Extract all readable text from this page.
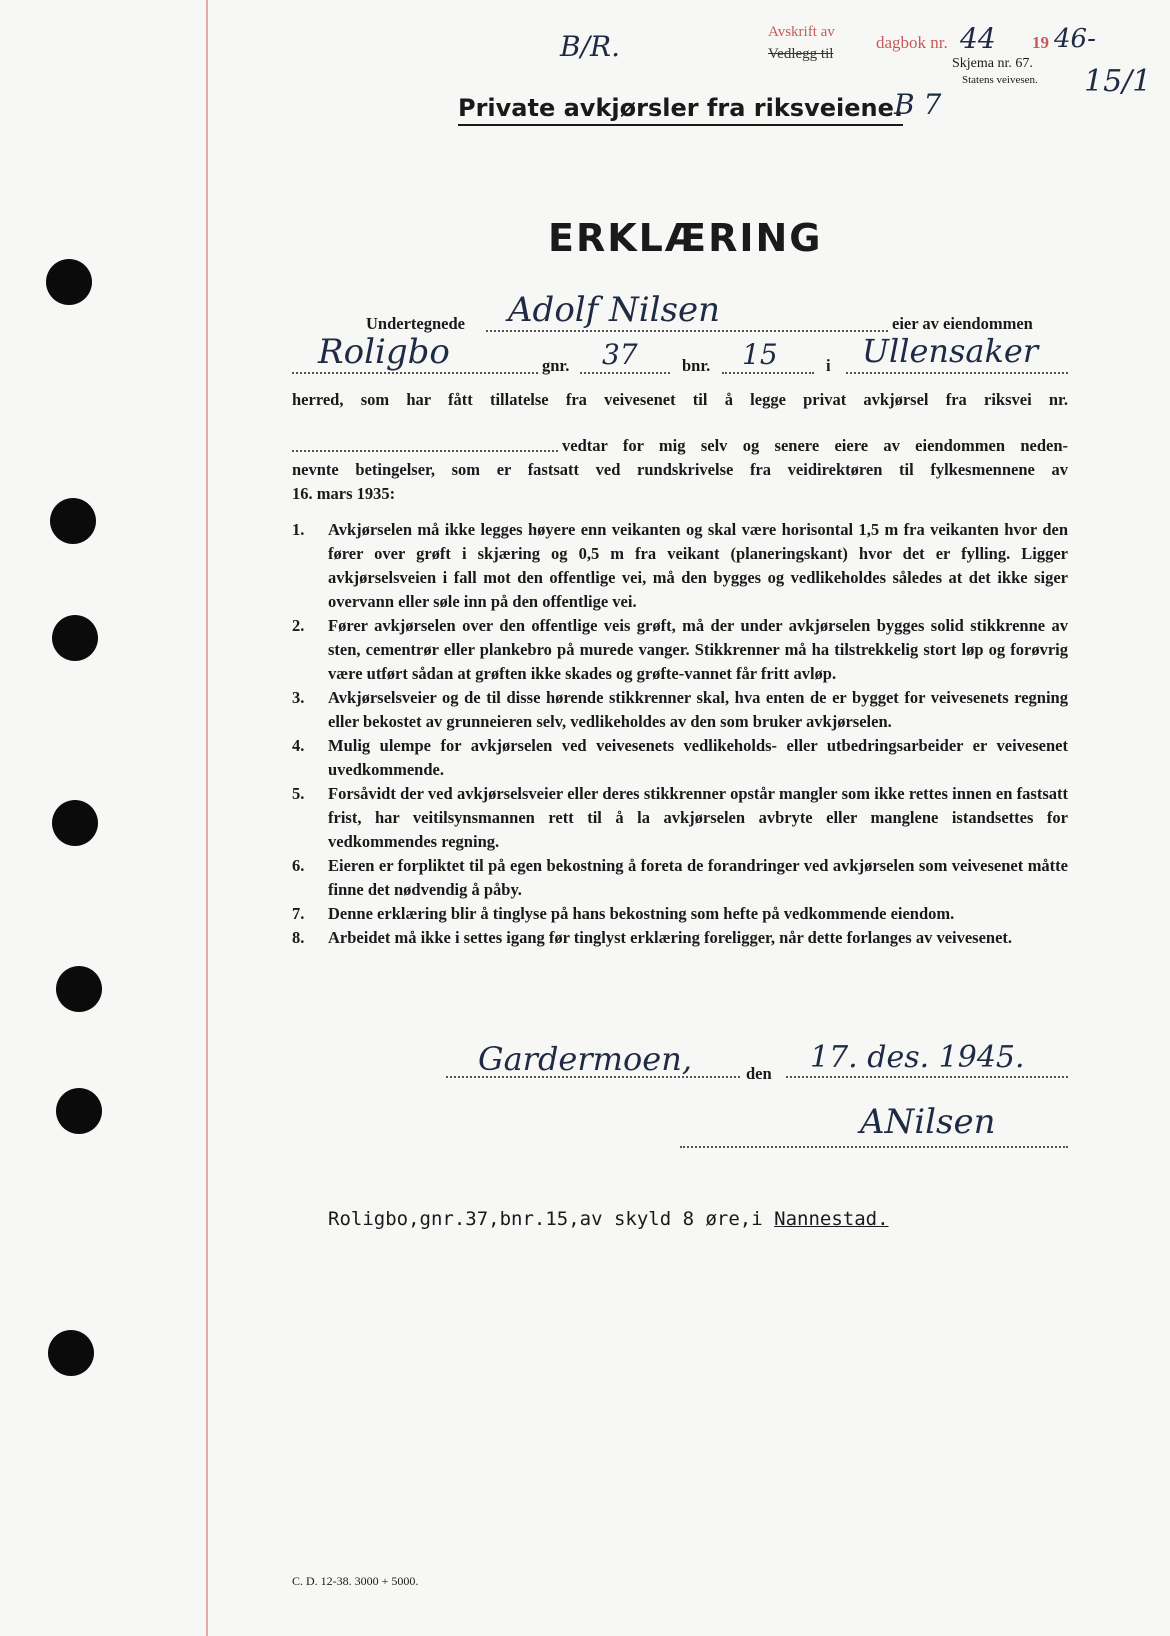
Avskrift av
Vedlegg til
dagbok nr. 44 19 46-
15/1
Skjema nr. 67.
Statens veivesen.
B/R.
Private avkjørsler fra riksveiene.
B 7
ERKLÆRING
Undertegnede Adolf Nilsen	eier av eiendommen
Roligbo	gnr. 37	bnr. 15	i Ullensaker
herred, som har fått tillatelse fra veivesenet til å legge privat avkjørsel fra riksvei nr.
vedtar for mig selv og senere eiere av eiendommen neden-
nevnte betingelser, som er fastsatt ved rundskrivelse fra veidirektøren til fylkesmennene av
16. mars 1935:
1.	Avkjørselen må ikke legges høyere enn veikanten og skal være horisontal 1,5 m fra veikanten hvor den fører over grøft i skjæring og 0,5 m fra veikant (planeringskant) hvor det er fylling. Ligger avkjørselsveien i fall mot den offentlige vei, må den bygges og vedlikeholdes således at det ikke siger overvann eller søle inn på den offentlige vei.
2.	Fører avkjørselen over den offentlige veis grøft, må der under avkjørselen bygges solid stikkrenne av sten, cementrør eller plankebro på murede vanger. Stikkrenner må ha tilstrekkelig stort løp og forøvrig være utført sådan at grøften ikke skades og grøfte-vannet får fritt avløp.
3.	Avkjørselsveier og de til disse hørende stikkrenner skal, hva enten de er bygget for veivesenets regning eller bekostet av grunneieren selv, vedlikeholdes av den som bruker avkjørselen.
4.	Mulig ulempe for avkjørselen ved veivesenets vedlikeholds- eller utbedringsarbeider er veivesenet uvedkommende.
5.	Forsåvidt der ved avkjørselsveier eller deres stikkrenner opstår mangler som ikke rettes innen en fastsatt frist, har veitilsynsmannen rett til å la avkjørselen avbryte eller manglene istandsettes for vedkommendes regning.
6.	Eieren er forpliktet til på egen bekostning å foreta de forandringer ved avkjørselen som veivesenet måtte finne det nødvendig å påby.
7.	Denne erklæring blir å tinglyse på hans bekostning som hefte på vedkommende eiendom.
8.	Arbeidet må ikke i settes igang før tinglyst erklæring foreligger, når dette forlanges av veivesenet.
Gardermoen,	den 17. des. 1945.
ANilsen
Roligbo,gnr.37,bnr.15,av skyld 8 øre,i Nannestad.
C. D. 12-38. 3000 + 5000.
